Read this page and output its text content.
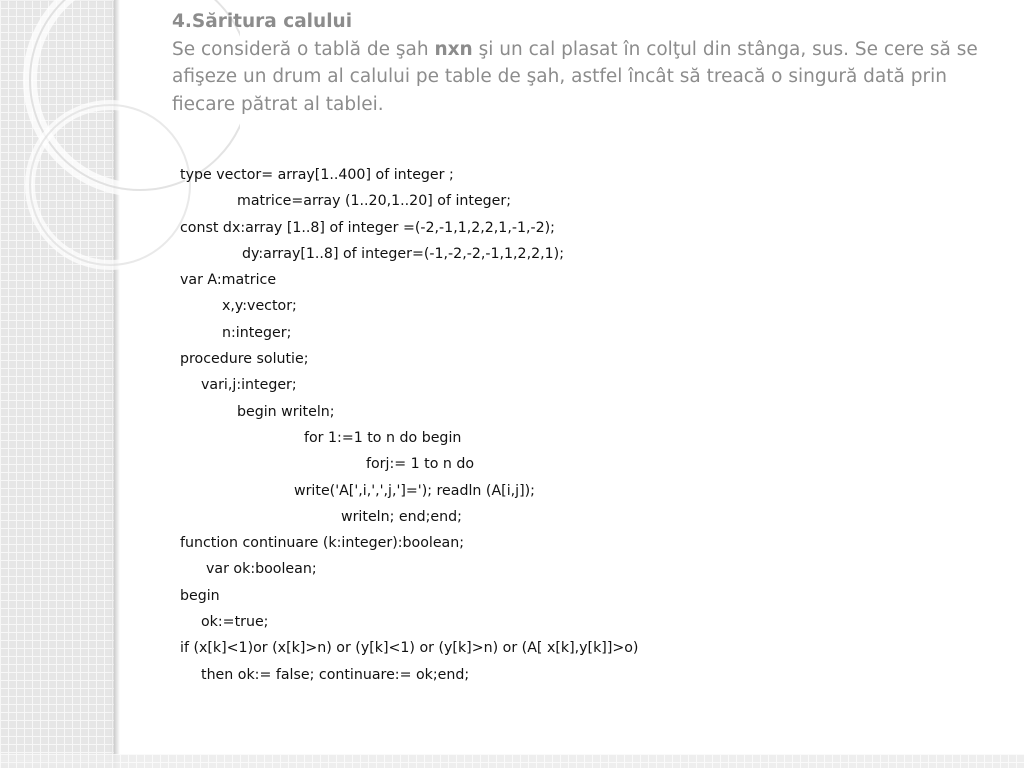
4.Săritura calului
Se consideră o tablă de şah nxn şi un cal plasat în colţul din stânga, sus. Se cere să se afişeze un drum al calului pe table de şah, astfel încât să treacă o singură dată prin fiecare pătrat al tablei.
type vector= array[1..400] of integer ;
matrice=array (1..20,1..20] of integer;
const dx:array [1..8] of integer =(-2,-1,1,2,2,1,-1,-2);
dy:array[1..8] of integer=(-1,-2,-2,-1,1,2,2,1);
var A:matrice
x,y:vector;
n:integer;
procedure solutie;
vari,j:integer;
begin writeln;
for 1:=1 to n do begin
forj:= 1 to n do
write('A[',i,',',j,']='); readln (A[i,j]);
writeln; end;end;
function continuare (k:integer):boolean;
var ok:boolean;
begin
ok:=true;
if (x[k]<1)or (x[k]>n) or (y[k]<1) or (y[k]>n) or (A[ x[k],y[k]]>o)
then ok:= false; continuare:= ok;end;
